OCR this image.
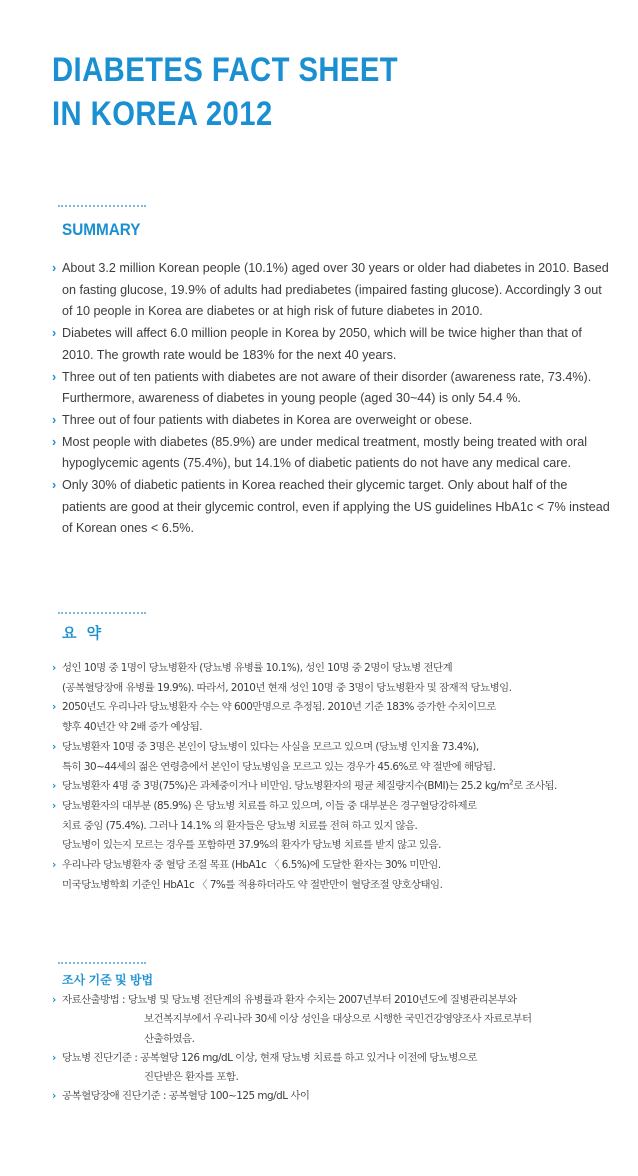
DIABETES FACT SHEET
IN KOREA 2012
SUMMARY
› About 3.2 million Korean people (10.1%) aged over 30 years or older had diabetes in 2010. Based on fasting glucose, 19.9% of adults had prediabetes (impaired fasting glucose). Accordingly 3 out of 10 people in Korea are diabetes or at high risk of future diabetes in 2010.
› Diabetes will affect 6.0 million people in Korea by 2050, which will be twice higher than that of 2010. The growth rate would be 183% for the next 40 years.
› Three out of ten patients with diabetes are not aware of their disorder (awareness rate, 73.4%). Furthermore, awareness of diabetes in young people (aged 30~44) is only 54.4 %.
› Three out of four patients with diabetes in Korea are overweight or obese.
› Most people with diabetes (85.9%) are under medical treatment, mostly being treated with oral hypoglycemic agents (75.4%), but 14.1% of diabetic patients do not have any medical care.
› Only 30% of diabetic patients in Korea reached their glycemic target. Only about half of the patients are good at their glycemic control, even if applying the US guidelines HbA1c < 7% instead of Korean ones < 6.5%.
요 약
› 성인 10명 중 1명이 당뇨병환자 (당뇨병 유병률 10.1%), 성인 10명 중 2명이 당뇨병 전단계
(공복혈당장애 유병률 19.9%). 따라서, 2010년 현재 성인 10명 중 3명이 당뇨병환자 및 잠재적 당뇨병임.
› 2050년도 우리나라 당뇨병환자 수는 약 600만명으로 추정됨. 2010년 기준 183% 증가한 수치이므로
향후 40년간 약 2배 증가 예상됨.
› 당뇨병환자 10명 중 3명은 본인이 당뇨병이 있다는 사실을 모르고 있으며 (당뇨병 인지율 73.4%),
특히 30~44세의 젊은 연령층에서 본인이 당뇨병임을 모르고 있는 경우가 45.6%로 약 절반에 해당됨.
› 당뇨병환자 4명 중 3명(75%)은 과체중이거나 비만임. 당뇨병환자의 평균 체질량지수(BMI)는 25.2 $kg/m^2$로 조사됨.
› 당뇨병환자의 대부분 (85.9%) 은 당뇨병 치료를 하고 있으며, 이들 중 대부분은 경구혈당강하제로
치료 중임 (75.4%). 그러나 14.1% 의 환자들은 당뇨병 치료를 전혀 하고 있지 않음.
당뇨병이 있는지 모르는 경우를 포함하면 37.9%의 환자가 당뇨병 치료를 받지 않고 있음.
› 우리나라 당뇨병환자 중 혈당 조절 목표 (HbA1c 〈 6.5%)에 도달한 환자는 30% 미만임.
미국당뇨병학회 기준인 HbA1c 〈 7%를 적용하더라도 약 절반만이 혈당조절 양호상태임.
조사 기준 및 방법
› 자료산출방법 : 당뇨병 및 당뇨병 전단계의 유병률과 환자 수치는 2007년부터 2010년도에 질병관리본부와
보건복지부에서 우리나라 30세 이상 성인을 대상으로 시행한 국민건강영양조사 자료로부터
산출하였음.
› 당뇨병 진단기준 : 공복혈당 126 mg/dL 이상, 현재 당뇨병 치료를 하고 있거나 이전에 당뇨병으로
진단받은 환자를 포함.
› 공복혈당장애 진단기준 : 공복혈당 100~125 mg/dL 사이
